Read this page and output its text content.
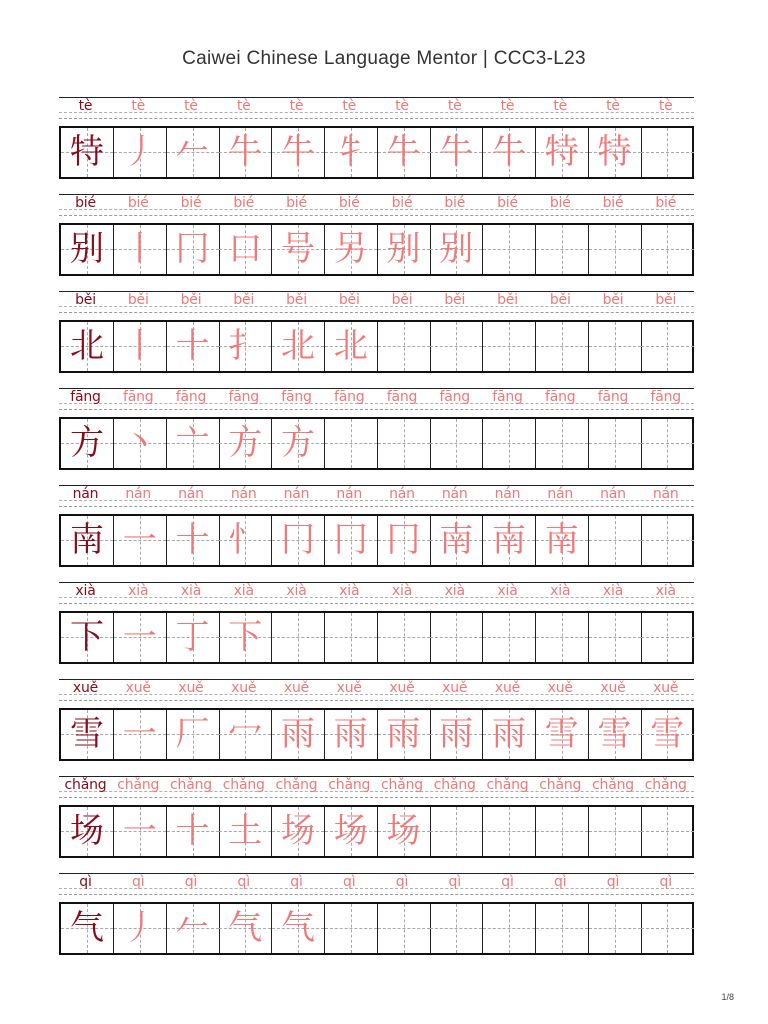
Caiwei Chinese Language Mentor | CCC3-L23
tè	tè	tè	tè	tè	tè	tè	tè	tè	tè	tè	tè
特 丿 𠂉 牛 牛 牜 牛 牛 牛 特 特
bié	bié	bié	bié	bié	bié	bié	bié	bié	bié	bié	bié
别 丨 冂 口 号 另 别 别
běi	běi	běi	běi	běi	běi	běi	běi	běi	běi	běi	běi
北 丨 十 扌 北 北
fāng	fāng	fāng	fāng	fāng	fāng	fāng	fāng	fāng	fāng	fāng	fāng
方 丶 亠 方 方
nán	nán	nán	nán	nán	nán	nán	nán	nán	nán	nán	nán
南 一 十 忄 冂 冂 冂 南 南 南
xià	xià	xià	xià	xià	xià	xià	xià	xià	xià	xià	xià
下 一 丁 下
xuě	xuě	xuě	xuě	xuě	xuě	xuě	xuě	xuě	xuě	xuě	xuě
雪 一 厂 冖 雨 雨 雨 雨 雨 雪 雪 雪
chǎng chǎng chǎng chǎng chǎng chǎng chǎng chǎng chǎng chǎng chǎng chǎng
场 一 十 土 场 场 场
qì	qì	qì	qì	qì	qì	qì	qì	qì	qì	qì	qì
气 丿 𠂉 气 气
1/8
